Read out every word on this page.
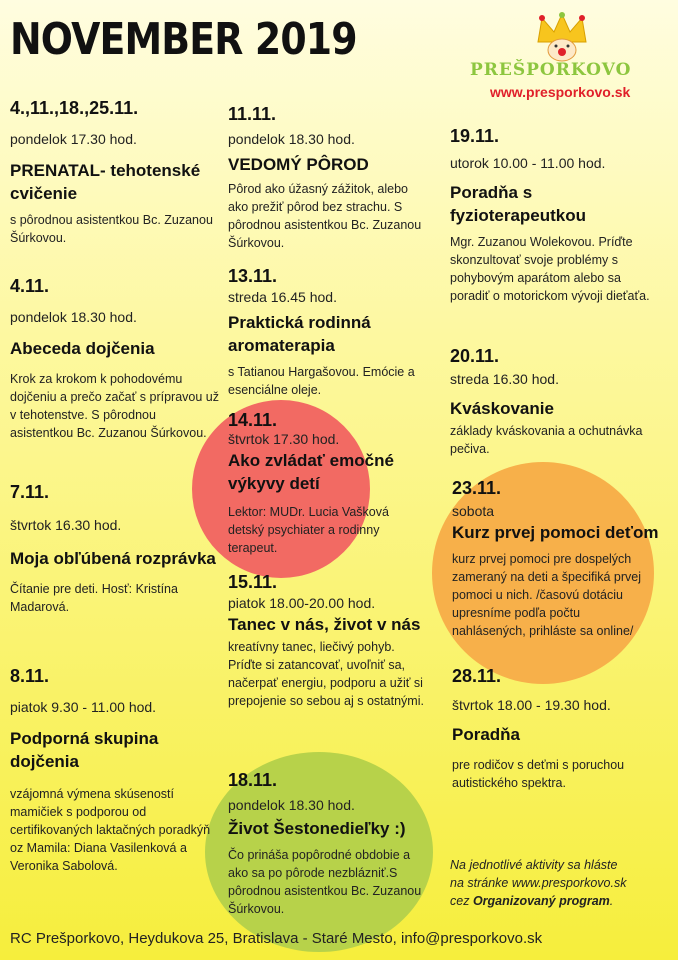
NOVEMBER 2019
PREŠPORKOVO
www.presporkovo.sk

4.,11.,18.,25.11.

pondelok 17.30 hod.

PRENATAL- tehotenské cvičenie

s pôrodnou asistentkou Bc. Zuzanou Šúrkovou.

4.11.

pondelok 18.30 hod.

Abeceda dojčenia

Krok za krokom k pohodovému dojčeniu a prečo začať s prípravou už v tehotenstve. S pôrodnou asistentkou Bc. Zuzanou Šúrkovou.

7.11.

štvrtok 16.30 hod.

Moja obľúbená rozprávka

Čítanie pre deti. Hosť: Kristína Madarová.

8.11.

piatok 9.30 - 11.00 hod.

Podporná skupina dojčenia

vzájomná výmena skúseností mamičiek s podporou od certifikovaných laktačných poradkýň oz Mamila: Diana Vasilenková a Veronika Sabolová.

11.11.

pondelok 18.30 hod.

VEDOMÝ PÔROD

Pôrod ako úžasný zážitok, alebo ako prežiť pôrod bez strachu. S pôrodnou asistentkou Bc. Zuzanou Šúrkovou.

13.11.

streda 16.45 hod.

Praktická rodinná aromaterapia

s Tatianou Hargašovou. Emócie a esenciálne oleje.

14.11.

štvrtok 17.30 hod.

Ako zvládať emočné výkyvy detí

Lektor: MUDr. Lucia Vašková detský psychiater a rodinny terapeut.

15.11.

piatok 18.00-20.00 hod.

Tanec v nás, život v nás

kreatívny tanec, liečivý pohyb. Príďte si zatancovať, uvoľniť sa, načerpať energiu, podporu a užiť si prepojenie so sebou aj s ostatnými.

18.11.

pondelok 18.30 hod.

Život Šestonedieľky :)

Čo prináša popôrodné obdobie a ako sa po pôrode nezblázniť.S pôrodnou asistentkou Bc. Zuzanou Šúrkovou.

19.11.

utorok 10.00 - 11.00 hod.

Poradňa s fyzioterapeutkou

Mgr. Zuzanou Wolekovou. Príďte skonzultovať svoje problémy s pohybovým aparátom alebo sa poradiť o motorickom vývoji dieťaťa.

20.11.

streda 16.30 hod.

Kváskovanie

základy kváskovania a ochutnávka pečiva.

23.11.

sobota

Kurz prvej pomoci deťom

kurz prvej pomoci pre dospelých zameraný na deti a špecifiká prvej pomoci u nich. /časovú dotáciu upresníme podľa počtu nahlásených, prihláste sa online/

28.11.

štvrtok 18.00 - 19.30 hod.

Poradňa

pre rodičov s deťmi s poruchou autistického spektra.

Na jednotlivé aktivity sa hláste
na stránke www.presporkovo.sk
cez Organizovaný program.
RC Prešporkovo, Heydukova 25, Bratislava - Staré Mesto, info@presporkovo.sk
